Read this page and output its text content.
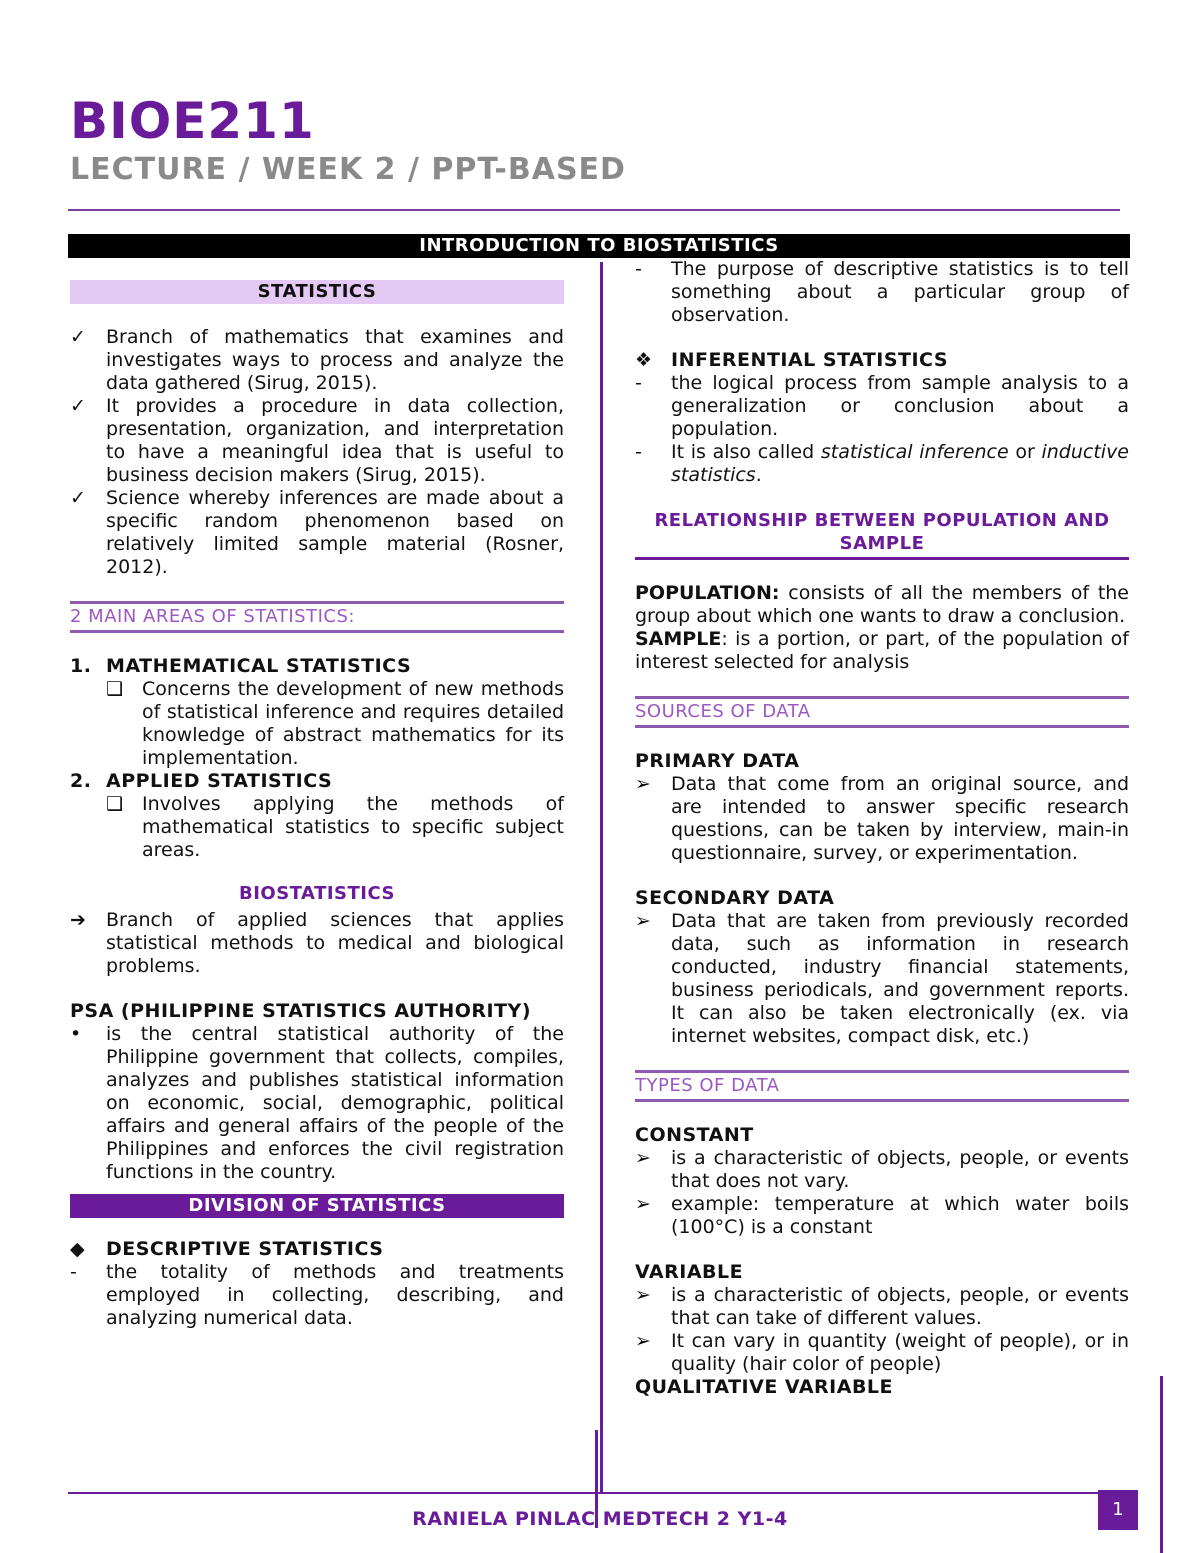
BIOE211
LECTURE / WEEK 2 / PPT-BASED
INTRODUCTION TO BIOSTATISTICS
STATISTICS
✓	Branch of mathematics that examines and investigates ways to process and analyze the data gathered (Sirug, 2015).
✓	It provides a procedure in data collection, presentation, organization, and interpretation to have a meaningful idea that is useful to business decision makers (Sirug, 2015).
✓	Science whereby inferences are made about a specific random phenomenon based on relatively limited sample material (Rosner, 2012).
2 MAIN AREAS OF STATISTICS:
1. MATHEMATICAL STATISTICS
❑ Concerns the development of new methods of statistical inference and requires detailed knowledge of abstract mathematics for its implementation.
2. APPLIED STATISTICS
❑ Involves applying the methods of mathematical statistics to specific subject areas.
BIOSTATISTICS
➔	Branch of applied sciences that applies statistical methods to medical and biological problems.
PSA (PHILIPPINE STATISTICS AUTHORITY)
•	is the central statistical authority of the Philippine government that collects, compiles, analyzes and publishes statistical information on economic, social, demographic, political affairs and general affairs of the people of the Philippines and enforces the civil registration functions in the country.
DIVISION OF STATISTICS
◆	DESCRIPTIVE STATISTICS
-	the totality of methods and treatments employed in collecting, describing, and analyzing numerical data.
-	The purpose of descriptive statistics is to tell something about a particular group of observation.
❖ INFERENTIAL STATISTICS
-	the logical process from sample analysis to a generalization or conclusion about a population.
-	It is also called statistical inference or inductive statistics.
RELATIONSHIP BETWEEN POPULATION AND SAMPLE

POPULATION: consists of all the members of the group about which one wants to draw a conclusion.

SAMPLE: is a portion, or part, of the population of interest selected for analysis

SOURCES OF DATA
PRIMARY DATA
➢	Data that come from an original source, and are intended to answer specific research questions, can be taken by interview, main-in questionnaire, survey, or experimentation.
SECONDARY DATA
➢	Data that are taken from previously recorded data, such as information in research conducted, industry financial statements, business periodicals, and government reports. It can also be taken electronically (ex. via internet websites, compact disk, etc.)
TYPES OF DATA
CONSTANT
➢	is a characteristic of objects, people, or events that does not vary.
➢	example: temperature at which water boils (100°C) is a constant
VARIABLE
➢	is a characteristic of objects, people, or events that can take of different values.
➢	It can vary in quantity (weight of people), or in quality (hair color of people)
QUALITATIVE VARIABLE
RANIELA PINLAC MEDTECH 2 Y1-4	1
